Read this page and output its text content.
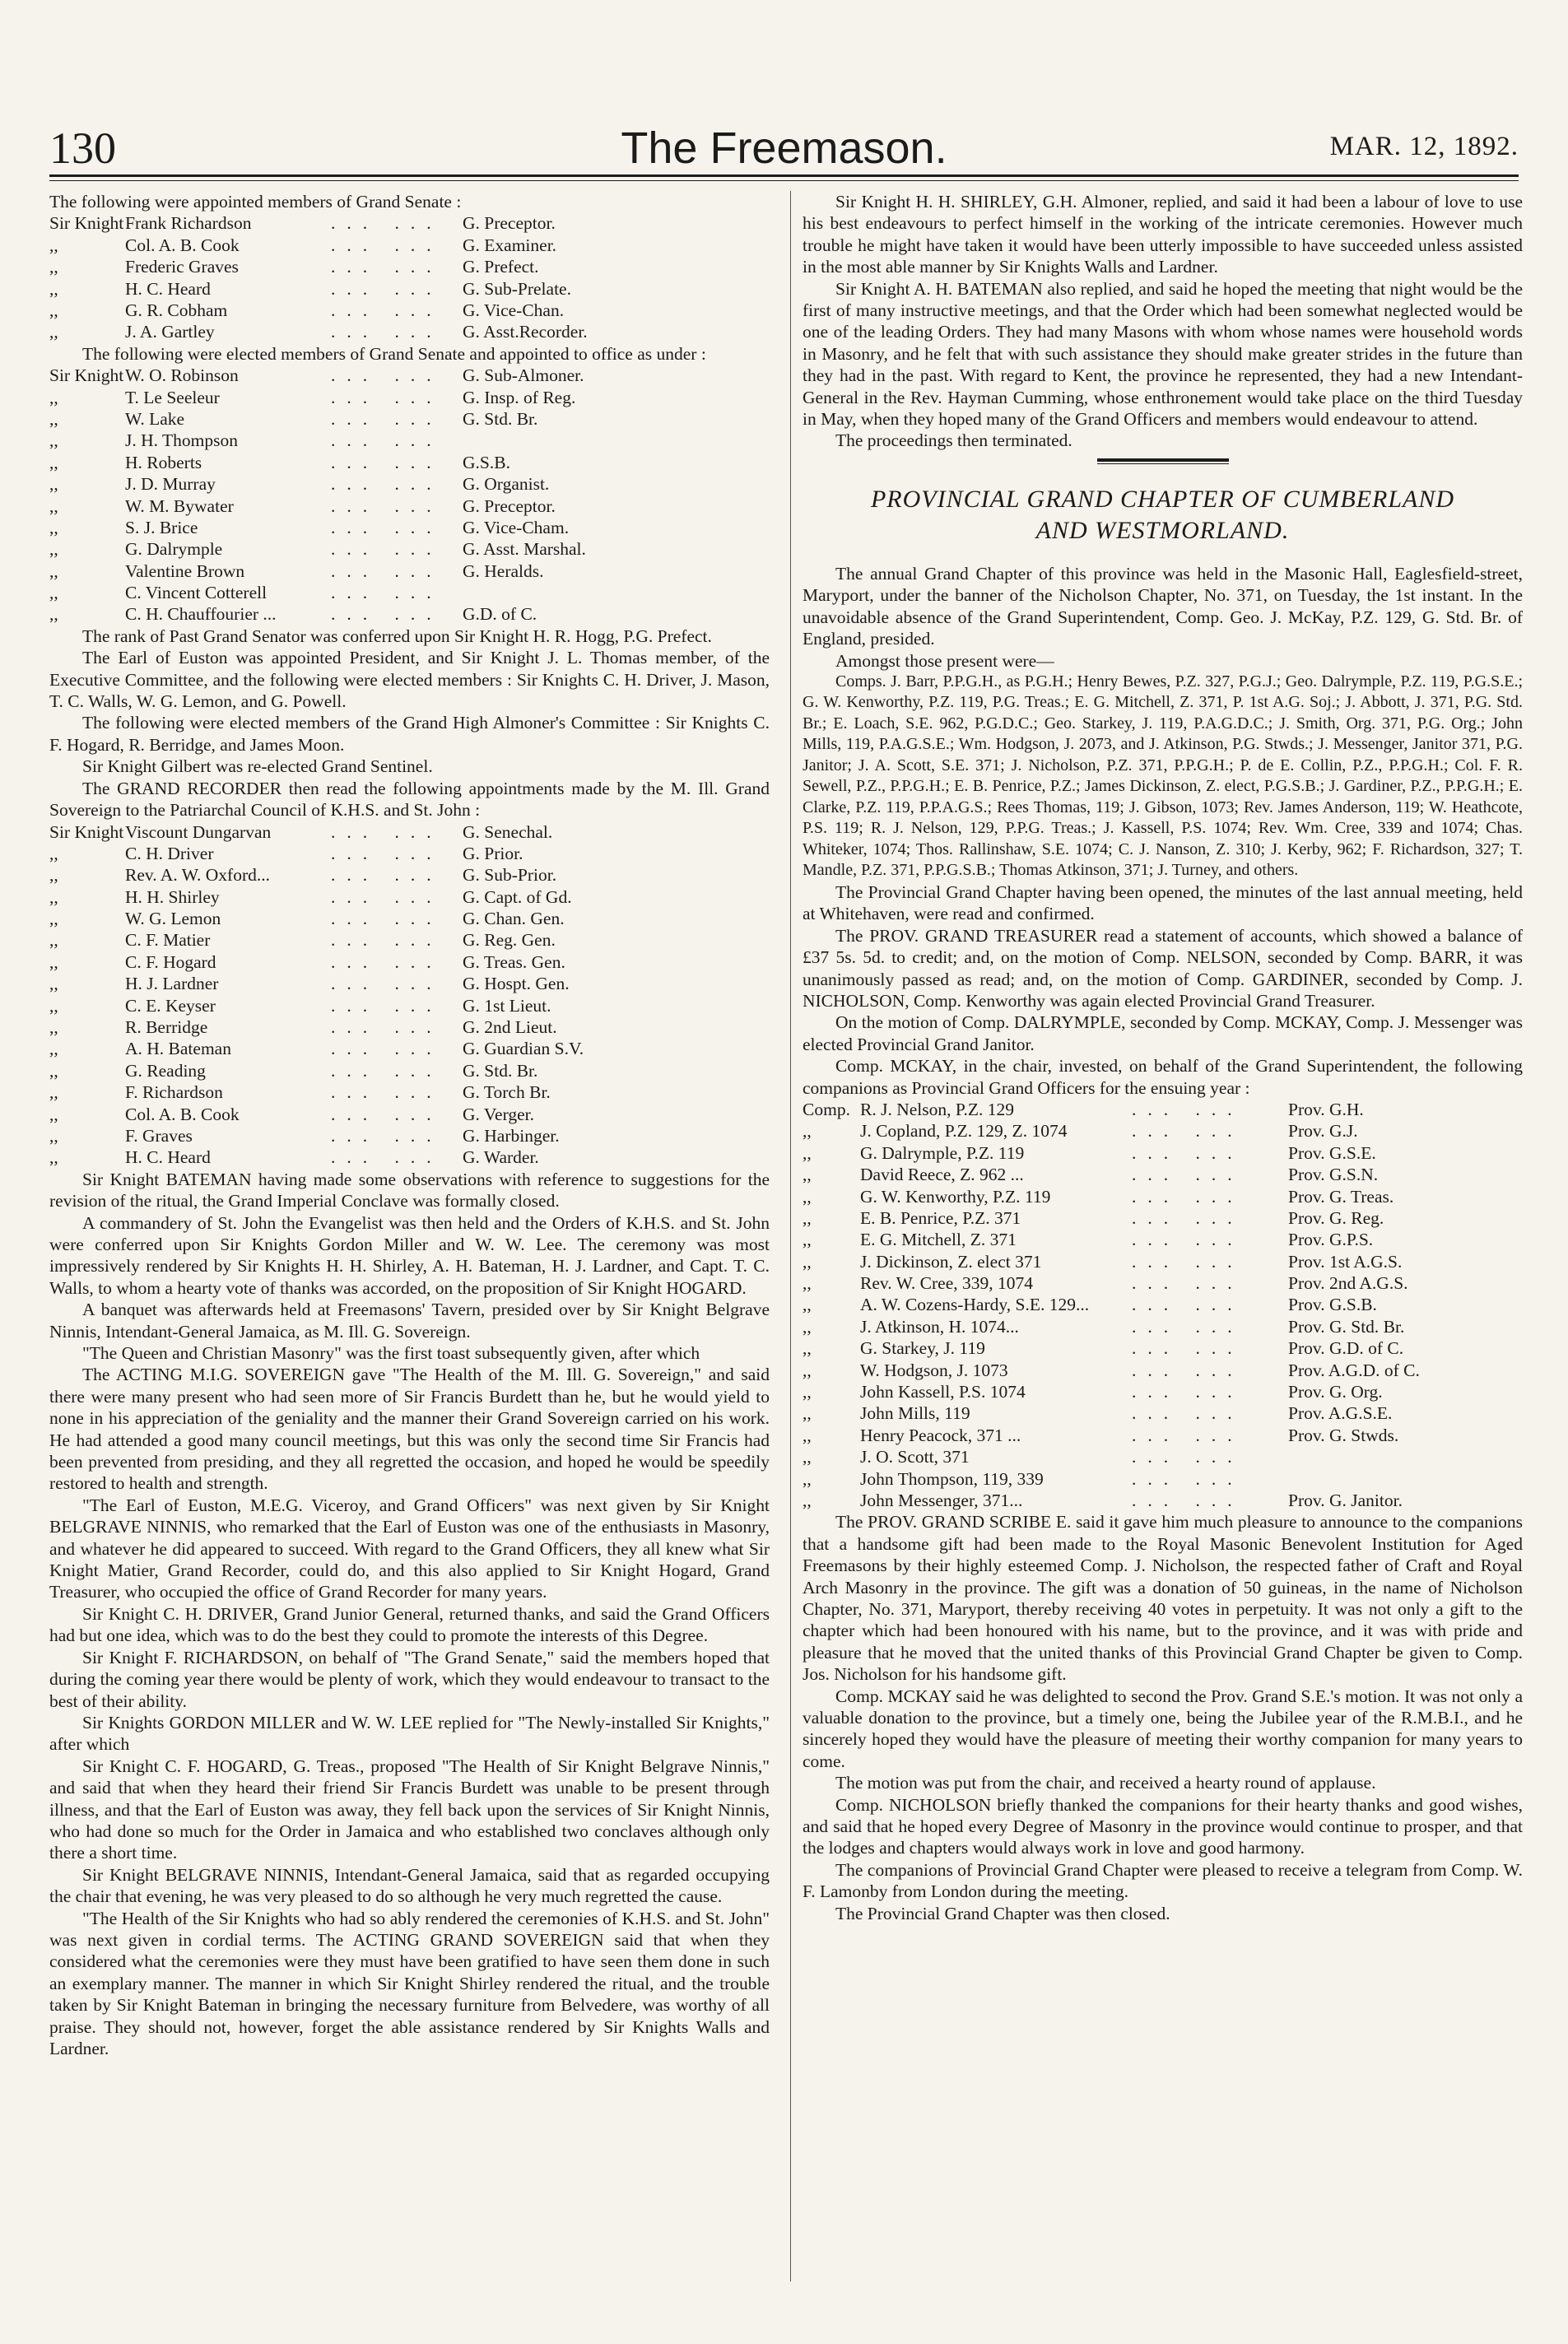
The Freemason.
130	MAR. 12, 1892.

The following were appointed members of Grand Senate :

Sir Knight Frank Richardson	... ...	G. Preceptor.
,,	Col. A. B. Cook	... ...	G. Examiner.
,,	Frederic Graves	... ...	G. Prefect.
,,	H. C. Heard	... ...	G. Sub-Prelate.
,,	G. R. Cobham	... ...	G. Vice-Chan.
,,	J. A. Gartley	... ...	G. Asst.Recorder.

The following were elected members of Grand Senate and appointed to office as under :

Sir Knight W. O. Robinson	... ...	G. Sub-Almoner.
,,	T. Le Seeleur	... ...	G. Insp. of Reg.
,,	W. Lake	... ...	G. Std. Br.
,,	J. H. Thompson	... ...
,,	H. Roberts	... ...	G.S.B.
,,	J. D. Murray	... ...	G. Organist.
,,	W. M. Bywater	... ...	G. Preceptor.
,,	S. J. Brice	... ...	G. Vice-Cham.
,,	G. Dalrymple	... ...	G. Asst. Marshal.
,,	Valentine Brown	... ...	G. Heralds.
,,	C. Vincent Cotterell	... ...
,,	C. H. Chauffourier ...	... ...	G.D. of C.

The rank of Past Grand Senator was conferred upon Sir Knight H. R. Hogg, P.G. Prefect.

The Earl of Euston was appointed President, and Sir Knight J. L. Thomas member, of the Executive Committee, and the following were elected members : Sir Knights C. H. Driver, J. Mason, T. C. Walls, W. G. Lemon, and G. Powell.

The following were elected members of the Grand High Almoner's Committee : Sir Knights C. F. Hogard, R. Berridge, and James Moon.

Sir Knight Gilbert was re-elected Grand Sentinel.

The GRAND RECORDER then read the following appointments made by the M. Ill. Grand Sovereign to the Patriarchal Council of K.H.S. and St. John :

Sir Knight Viscount Dungarvan	... ...	G. Senechal.
,,	C. H. Driver	... ...	G. Prior.
,,	Rev. A. W. Oxford...	... ...	G. Sub-Prior.
,,	H. H. Shirley	... ...	G. Capt. of Gd.
,,	W. G. Lemon	... ...	G. Chan. Gen.
,,	C. F. Matier	... ...	G. Reg. Gen.
,,	C. F. Hogard	... ...	G. Treas. Gen.
,,	H. J. Lardner	... ...	G. Hospt. Gen.
,,	C. E. Keyser	... ...	G. 1st Lieut.
,,	R. Berridge	... ...	G. 2nd Lieut.
,,	A. H. Bateman	... ...	G. Guardian S.V.
,,	G. Reading	... ...	G. Std. Br.
,,	F. Richardson	... ...	G. Torch Br.
,,	Col. A. B. Cook	... ...	G. Verger.
,,	F. Graves	... ...	G. Harbinger.
,,	H. C. Heard	... ...	G. Warder.

Sir Knight BATEMAN having made some observations with reference to suggestions for the revision of the ritual, the Grand Imperial Conclave was formally closed.

A commandery of St. John the Evangelist was then held and the Orders of K.H.S. and St. John were conferred upon Sir Knights Gordon Miller and W. W. Lee. The ceremony was most impressively rendered by Sir Knights H. H. Shirley, A. H. Bateman, H. J. Lardner, and Capt. T. C. Walls, to whom a hearty vote of thanks was accorded, on the proposition of Sir Knight HOGARD.

A banquet was afterwards held at Freemasons' Tavern, presided over by Sir Knight Belgrave Ninnis, Intendant-General Jamaica, as M. Ill. G. Sovereign.

"The Queen and Christian Masonry" was the first toast subsequently given, after which

The ACTING M.I.G. SOVEREIGN gave "The Health of the M. Ill. G. Sovereign," and said there were many present who had seen more of Sir Francis Burdett than he, but he would yield to none in his appreciation of the geniality and the manner their Grand Sovereign carried on his work. He had attended a good many council meetings, but this was only the second time Sir Francis had been prevented from presiding, and they all regretted the occasion, and hoped he would be speedily restored to health and strength.

"The Earl of Euston, M.E.G. Viceroy, and Grand Officers" was next given by Sir Knight BELGRAVE NINNIS, who remarked that the Earl of Euston was one of the enthusiasts in Masonry, and whatever he did appeared to succeed. With regard to the Grand Officers, they all knew what Sir Knight Matier, Grand Recorder, could do, and this also applied to Sir Knight Hogard, Grand Treasurer, who occupied the office of Grand Recorder for many years.

Sir Knight C. H. DRIVER, Grand Junior General, returned thanks, and said the Grand Officers had but one idea, which was to do the best they could to promote the interests of this Degree.

Sir Knight F. RICHARDSON, on behalf of "The Grand Senate," said the members hoped that during the coming year there would be plenty of work, which they would endeavour to transact to the best of their ability.

Sir Knights GORDON MILLER and W. W. LEE replied for "The Newly-installed Sir Knights," after which

Sir Knight C. F. HOGARD, G. Treas., proposed "The Health of Sir Knight Belgrave Ninnis," and said that when they heard their friend Sir Francis Burdett was unable to be present through illness, and that the Earl of Euston was away, they fell back upon the services of Sir Knight Ninnis, who had done so much for the Order in Jamaica and who established two conclaves although only there a short time.

Sir Knight BELGRAVE NINNIS, Intendant-General Jamaica, said that as regarded occupying the chair that evening, he was very pleased to do so although he very much regretted the cause.

"The Health of the Sir Knights who had so ably rendered the ceremonies of K.H.S. and St. John" was next given in cordial terms. The ACTING GRAND SOVEREIGN said that when they considered what the ceremonies were they must have been gratified to have seen them done in such an exemplary manner. The manner in which Sir Knight Shirley rendered the ritual, and the trouble taken by Sir Knight Bateman in bringing the necessary furniture from Belvedere, was worthy of all praise. They should not, however, forget the able assistance rendered by Sir Knights Walls and Lardner.

Sir Knight H. H. SHIRLEY, G.H. Almoner, replied, and said it had been a labour of love to use his best endeavours to perfect himself in the working of the intricate ceremonies. However much trouble he might have taken it would have been utterly impossible to have succeeded unless assisted in the most able manner by Sir Knights Walls and Lardner.

Sir Knight A. H. BATEMAN also replied, and said he hoped the meeting that night would be the first of many instructive meetings, and that the Order which had been somewhat neglected would be one of the leading Orders. They had many Masons with whom whose names were household words in Masonry, and he felt that with such assistance they should make greater strides in the future than they had in the past. With regard to Kent, the province he represented, they had a new Intendant-General in the Rev. Hayman Cumming, whose enthronement would take place on the third Tuesday in May, when they hoped many of the Grand Officers and members would endeavour to attend.

The proceedings then terminated.

PROVINCIAL GRAND CHAPTER OF CUMBERLAND
AND WESTMORLAND.

The annual Grand Chapter of this province was held in the Masonic Hall, Eaglesfield-street, Maryport, under the banner of the Nicholson Chapter, No. 371, on Tuesday, the 1st instant. In the unavoidable absence of the Grand Superintendent, Comp. Geo. J. McKay, P.Z. 129, G. Std. Br. of England, presided.

Amongst those present were—

Comps. J. Barr, P.P.G.H., as P.G.H.; Henry Bewes, P.Z. 327, P.G.J.; Geo. Dalrymple, P.Z. 119, P.G.S.E.; G. W. Kenworthy, P.Z. 119, P.G. Treas.; E. G. Mitchell, Z. 371, P. 1st A.G. Soj.; J. Abbott, J. 371, P.G. Std. Br.; E. Loach, S.E. 962, P.G.D.C.; Geo. Starkey, J. 119, P.A.G.D.C.; J. Smith, Org. 371, P.G. Org.; John Mills, 119, P.A.G.S.E.; Wm. Hodgson, J. 2073, and J. Atkinson, P.G. Stwds.; J. Messenger, Janitor 371, P.G. Janitor; J. A. Scott, S.E. 371; J. Nicholson, P.Z. 371, P.P.G.H.; P. de E. Collin, P.Z., P.P.G.H.; Col. F. R. Sewell, P.Z., P.P.G.H.; E. B. Penrice, P.Z.; James Dickinson, Z. elect, P.G.S.B.; J. Gardiner, P.Z., P.P.G.H.; E. Clarke, P.Z. 119, P.P.A.G.S.; Rees Thomas, 119; J. Gibson, 1073; Rev. James Anderson, 119; W. Heathcote, P.S. 119; R. J. Nelson, 129, P.P.G. Treas.; J. Kassell, P.S. 1074; Rev. Wm. Cree, 339 and 1074; Chas. Whiteker, 1074; Thos. Rallinshaw, S.E. 1074; C. J. Nanson, Z. 310; J. Kerby, 962; F. Richardson, 327; T. Mandle, P.Z. 371, P.P.G.S.B.; Thomas Atkinson, 371; J. Turney, and others.

The Provincial Grand Chapter having been opened, the minutes of the last annual meeting, held at Whitehaven, were read and confirmed.

The PROV. GRAND TREASURER read a statement of accounts, which showed a balance of £37 5s. 5d. to credit; and, on the motion of Comp. NELSON, seconded by Comp. BARR, it was unanimously passed as read; and, on the motion of Comp. GARDINER, seconded by Comp. J. NICHOLSON, Comp. Kenworthy was again elected Provincial Grand Treasurer.

On the motion of Comp. DALRYMPLE, seconded by Comp. MCKAY, Comp. J. Messenger was elected Provincial Grand Janitor.

Comp. MCKAY, in the chair, invested, on behalf of the Grand Superintendent, the following companions as Provincial Grand Officers for the ensuing year :

Comp. R. J. Nelson, P.Z. 129	... ...	Prov. G.H.
,,	J. Copland, P.Z. 129, Z. 1074	... ...	Prov. G.J.
,,	G. Dalrymple, P.Z. 119	... ...	Prov. G.S.E.
,,	David Reece, Z. 962 ...	... ...	Prov. G.S.N.
,,	G. W. Kenworthy, P.Z. 119	... ...	Prov. G. Treas.
,,	E. B. Penrice, P.Z. 371	... ...	Prov. G. Reg.
,,	E. G. Mitchell, Z. 371	... ...	Prov. G.P.S.
,,	J. Dickinson, Z. elect 371	... ...	Prov. 1st A.G.S.
,,	Rev. W. Cree, 339, 1074	... ...	Prov. 2nd A.G.S.
,,	A. W. Cozens-Hardy, S.E. 129...	... ...	Prov. G.S.B.
,,	J. Atkinson, H. 1074...	... ...	Prov. G. Std. Br.
,,	G. Starkey, J. 119	... ...	Prov. G.D. of C.
,,	W. Hodgson, J. 1073	... ...	Prov. A.G.D. of C.
,,	John Kassell, P.S. 1074	... ...	Prov. G. Org.
,,	John Mills, 119	... ...	Prov. A.G.S.E.
,,	Henry Peacock, 371 ...	... ...	Prov. G. Stwds.
,,	J. O. Scott, 371	... ...
,,	John Thompson, 119, 339	... ...
,,	John Messenger, 371...	... ...	Prov. G. Janitor.

The PROV. GRAND SCRIBE E. said it gave him much pleasure to announce to the companions that a handsome gift had been made to the Royal Masonic Benevolent Institution for Aged Freemasons by their highly esteemed Comp. J. Nicholson, the respected father of Craft and Royal Arch Masonry in the province. The gift was a donation of 50 guineas, in the name of Nicholson Chapter, No. 371, Maryport, thereby receiving 40 votes in perpetuity. It was not only a gift to the chapter which had been honoured with his name, but to the province, and it was with pride and pleasure that he moved that the united thanks of this Provincial Grand Chapter be given to Comp. Jos. Nicholson for his handsome gift.

Comp. MCKAY said he was delighted to second the Prov. Grand S.E.'s motion. It was not only a valuable donation to the province, but a timely one, being the Jubilee year of the R.M.B.I., and he sincerely hoped they would have the pleasure of meeting their worthy companion for many years to come.

The motion was put from the chair, and received a hearty round of applause.

Comp. NICHOLSON briefly thanked the companions for their hearty thanks and good wishes, and said that he hoped every Degree of Masonry in the province would continue to prosper, and that the lodges and chapters would always work in love and good harmony.

The companions of Provincial Grand Chapter were pleased to receive a telegram from Comp. W. F. Lamonby from London during the meeting.

The Provincial Grand Chapter was then closed.
